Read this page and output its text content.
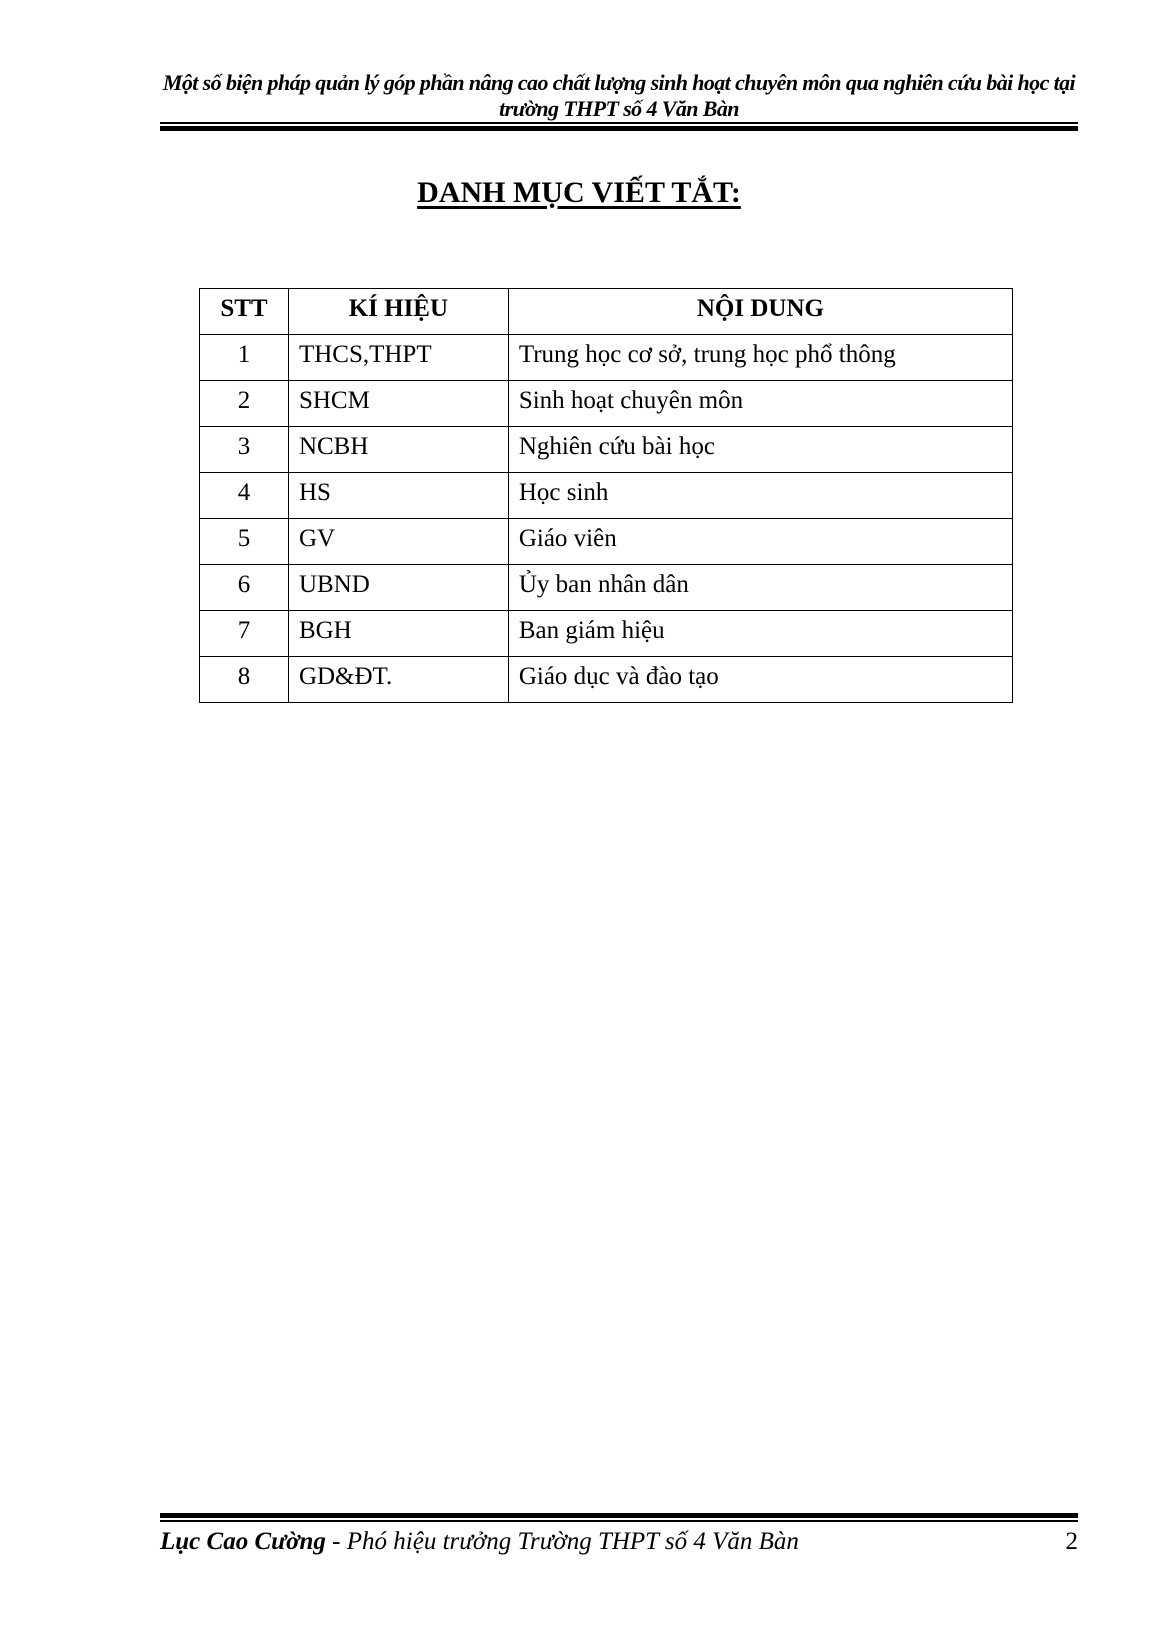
Một số biện pháp quản lý góp phần nâng cao chất lượng sinh hoạt chuyên môn qua nghiên cứu bài học tại
trường THPT số 4 Văn Bàn
DANH MỤC VIẾT TẮT:
STT	KÍ HIỆU	NỘI DUNG
1	THCS,THPT	Trung học cơ sở, trung học phổ thông
2	SHCM	Sinh hoạt chuyên môn
3	NCBH	Nghiên cứu bài học
4	HS	Học sinh
5	GV	Giáo viên
6	UBND	Ủy ban nhân dân
7	BGH	Ban giám hiệu
8	GD&ĐT.	Giáo dục và đào tạo
Lục Cao Cường - Phó hiệu trưởng Trường THPT số 4 Văn Bàn	2
